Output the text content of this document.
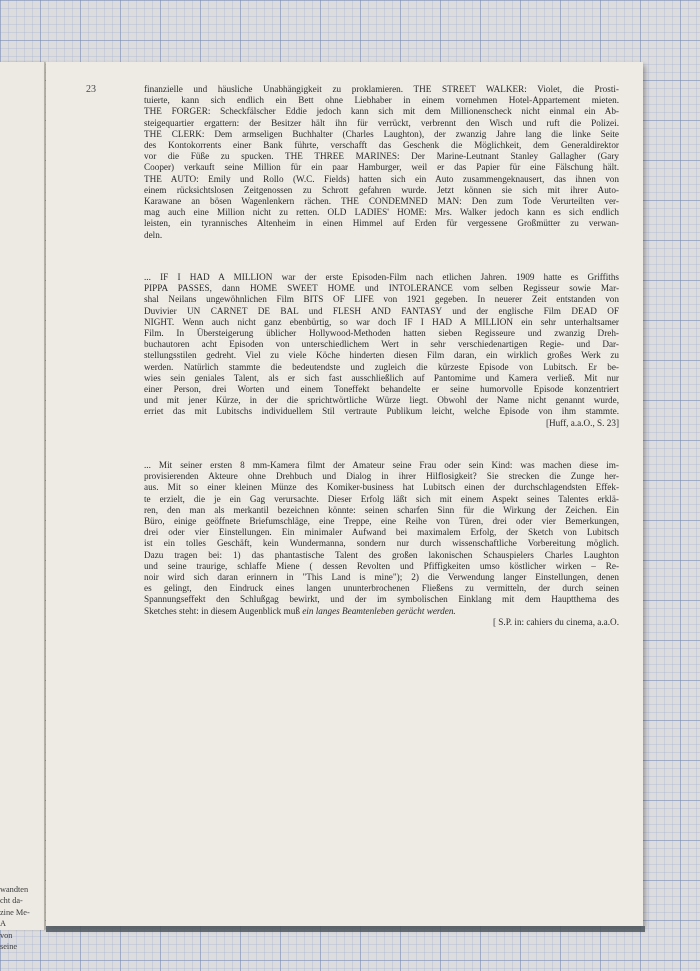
wandten
cht da-
zine Me-
A
von
seine
23	finanzielle und häusliche Unabhängigkeit zu proklamieren. THE STREET WALKER: Violet, die Prosti-
tuierte, kann sich endlich ein Bett ohne Liebhaber in einem vornehmen Hotel-Appartement mieten.
THE FORGER: Scheckfälscher Eddie jedoch kann sich mit dem Millionenscheck nicht einmal ein Ab-
steigequartier ergattern: der Besitzer hält ihn für verrückt, verbrennt den Wisch und ruft die Polizei.
THE CLERK: Dem armseligen Buchhalter (Charles Laughton), der zwanzig Jahre lang die linke Seite
des Kontokorrents einer Bank führte, verschafft das Geschenk die Möglichkeit, dem Generaldirektor
vor die Füße zu spucken. THE THREE MARINES: Der Marine-Leutnant Stanley Gallagher (Gary
Cooper) verkauft seine Million für ein paar Hamburger, weil er das Papier für eine Fälschung hält.
THE AUTO: Emily und Rollo (W.C. Fields) hatten sich ein Auto zusammengeknausert, das ihnen von
einem rücksichtslosen Zeitgenossen zu Schrott gefahren wurde. Jetzt können sie sich mit ihrer Auto-
Karawane an bösen Wagenlenkern rächen. THE CONDEMNED MAN: Den zum Tode Verurteilten ver-
mag auch eine Million nicht zu retten. OLD LADIES' HOME: Mrs. Walker jedoch kann es sich endlich
leisten, ein tyrannisches Altenheim in einen Himmel auf Erden für vergessene Großmütter zu verwan-
deln.
... IF I HAD A MILLION war der erste Episoden-Film nach etlichen Jahren. 1909 hatte es Griffiths
PIPPA PASSES, dann HOME SWEET HOME und INTOLERANCE vom selben Regisseur sowie Mar-
shal Neilans ungewöhnlichen Film BITS OF LIFE von 1921 gegeben. In neuerer Zeit entstanden von
Duvivier UN CARNET DE BAL und FLESH AND FANTASY und der englische Film DEAD OF
NIGHT. Wenn auch nicht ganz ebenbürtig, so war doch IF I HAD A MILLION ein sehr unterhaltsamer
Film. In Übersteigerung üblicher Hollywood-Methoden hatten sieben Regisseure und zwanzig Dreh-
buchautoren acht Episoden von unterschiedlichem Wert in sehr verschiedenartigen Regie- und Dar-
stellungsstilen gedreht. Viel zu viele Köche hinderten diesen Film daran, ein wirklich großes Werk zu
werden. Natürlich stammte die bedeutendste und zugleich die kürzeste Episode von Lubitsch. Er be-
wies sein geniales Talent, als er sich fast ausschließlich auf Pantomime und Kamera verließ. Mit nur
einer Person, drei Worten und einem Toneffekt behandelte er seine humorvolle Episode konzentriert
und mit jener Kürze, in der die sprichtwörtliche Würze liegt. Obwohl der Name nicht genannt wurde,
erriet das mit Lubitschs individuellem Stil vertraute Publikum leicht, welche Episode von ihm stammte.
[Huff, a.a.O., S. 23]
... Mit seiner ersten 8 mm-Kamera filmt der Amateur seine Frau oder sein Kind: was machen diese im-
provisierenden Akteure ohne Drehbuch und Dialog in ihrer Hilflosigkeit? Sie strecken die Zunge her-
aus. Mit so einer kleinen Münze des Komiker-business hat Lubitsch einen der durchschlagendsten Effek-
te erzielt, die je ein Gag verursachte. Dieser Erfolg läßt sich mit einem Aspekt seines Talentes erklä-
ren, den man als merkantil bezeichnen könnte: seinen scharfen Sinn für die Wirkung der Zeichen. Ein
Büro, einige geöffnete Briefumschläge, eine Treppe, eine Reihe von Türen, drei oder vier Bemerkungen,
drei oder vier Einstellungen. Ein minimaler Aufwand bei maximalem Erfolg, der Sketch von Lubitsch
ist ein tolles Geschäft, kein Wundermanna, sondern nur durch wissenschaftliche Vorbereitung möglich.
Dazu tragen bei: 1) das phantastische Talent des großen lakonischen Schauspielers Charles Laughton
und seine traurige, schlaffe Miene ( dessen Revolten und Pfiffigkeiten umso köstlicher wirken – Re-
noir wird sich daran erinnern in "This Land is mine"); 2) die Verwendung langer Einstellungen, denen
es gelingt, den Eindruck eines langen ununterbrochenen Fließens zu vermitteln, der durch seinen
Spannungseffekt den Schlußgag bewirkt, und der im symbolischen Einklang mit dem Hauptthema des
Sketches steht: in diesem Augenblick muß ein langes Beamtenleben gerächt werden.
[ S.P. in: cahiers du cinema, a.a.O.
